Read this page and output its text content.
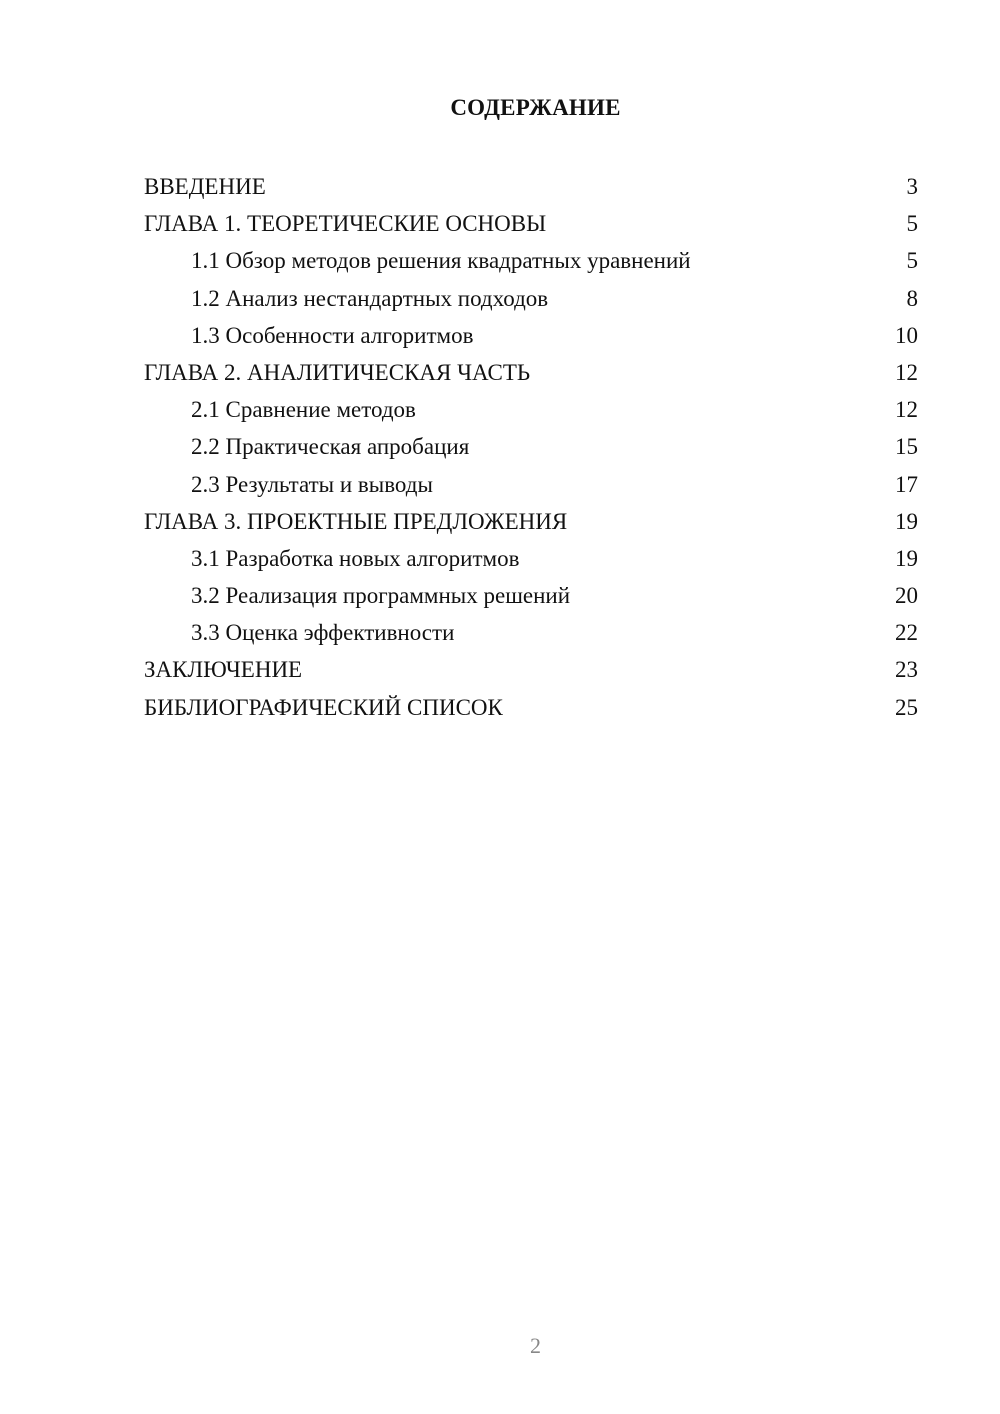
СОДЕРЖАНИЕ
ВВЕДЕНИЕ	3
ГЛАВА 1. ТЕОРЕТИЧЕСКИЕ ОСНОВЫ	5
1.1 Обзор методов решения квадратных уравнений	5
1.2 Анализ нестандартных подходов	8
1.3 Особенности алгоритмов	10
ГЛАВА 2. АНАЛИТИЧЕСКАЯ ЧАСТЬ	12
2.1 Сравнение методов	12
2.2 Практическая апробация	15
2.3 Результаты и выводы	17
ГЛАВА 3. ПРОЕКТНЫЕ ПРЕДЛОЖЕНИЯ	19
3.1 Разработка новых алгоритмов	19
3.2 Реализация программных решений	20
3.3 Оценка эффективности	22
ЗАКЛЮЧЕНИЕ	23
БИБЛИОГРАФИЧЕСКИЙ СПИСОК	25
2
